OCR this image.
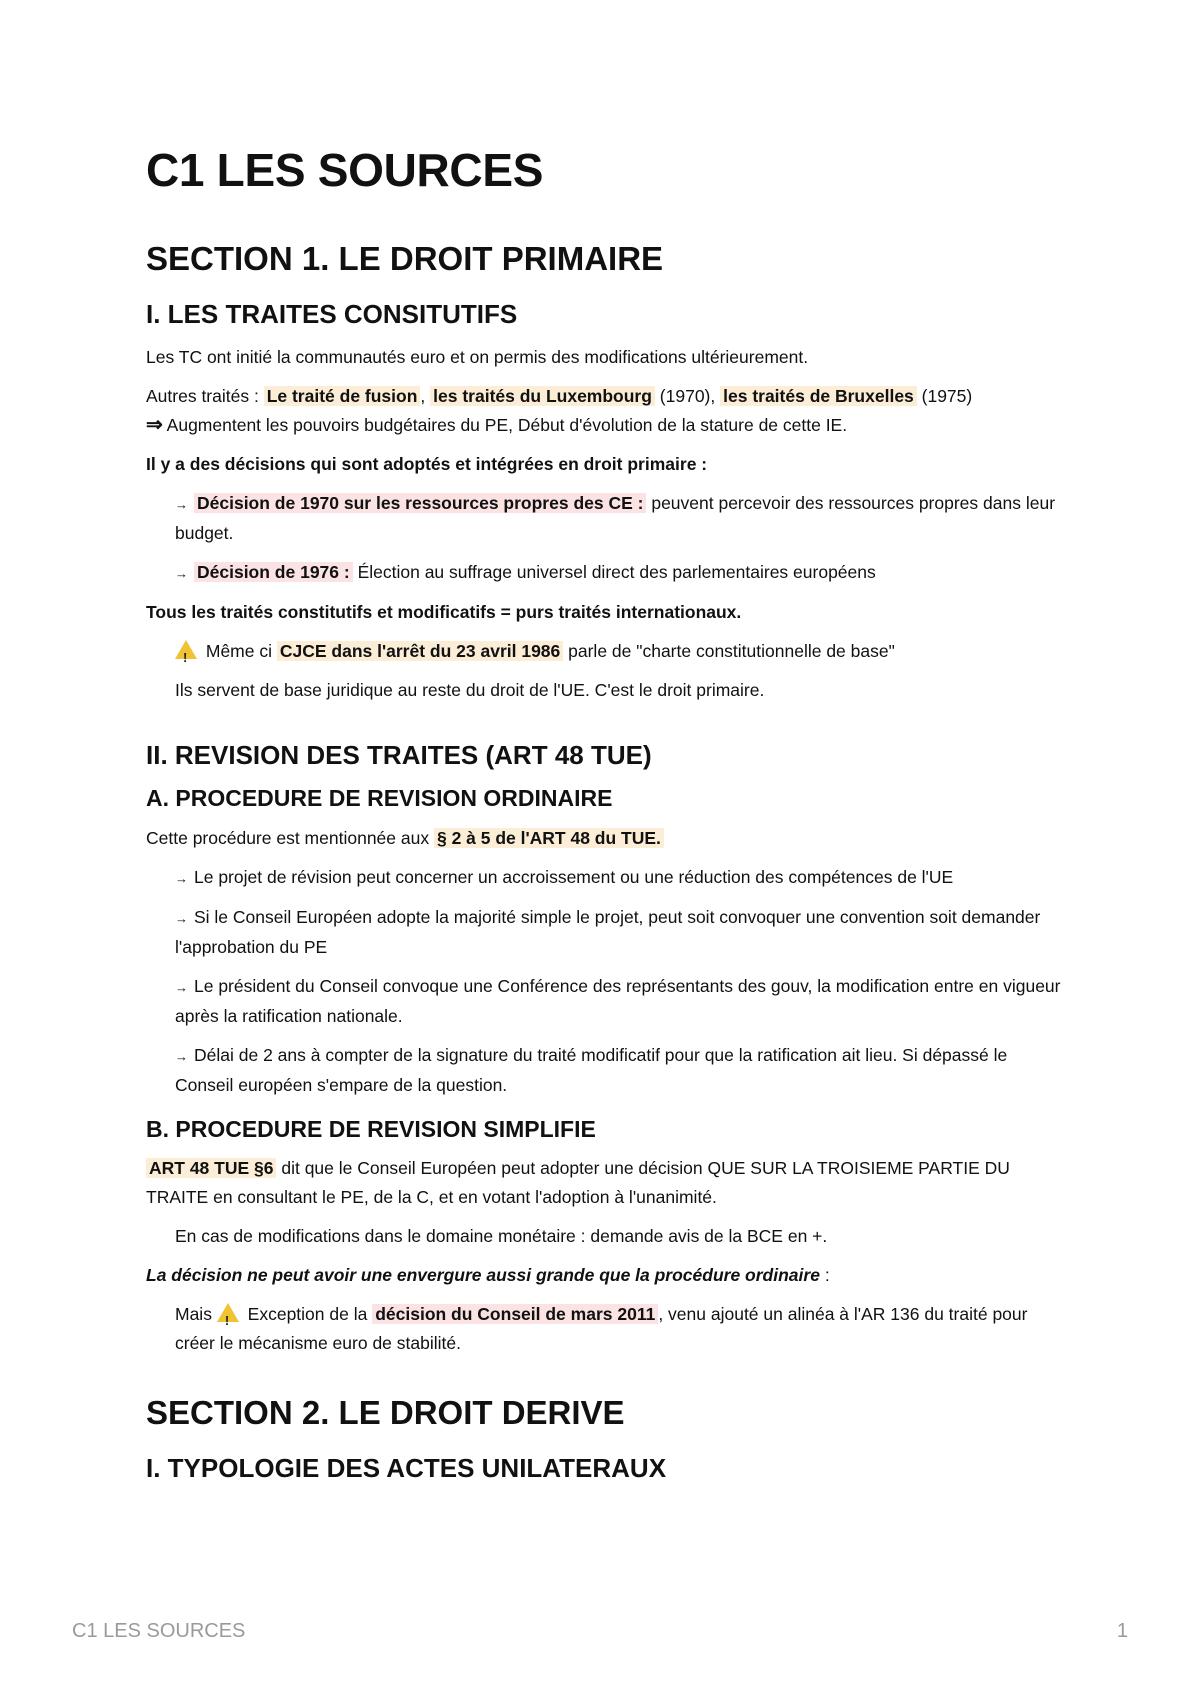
C1 LES SOURCES
SECTION 1. LE DROIT PRIMAIRE
I. LES TRAITES CONSITUTIFS

Les TC ont initié la communautés euro et on permis des modifications ultérieurement.

Autres traités : Le traité de fusion , les traités du Luxembourg (1970), les traités de Bruxelles (1975)
⇒ Augmentent les pouvoirs budgétaires du PE, Début d'évolution de la stature de cette IE.

Il y a des décisions qui sont adoptés et intégrées en droit primaire :

→ Décision de 1970 sur les ressources propres des CE : peuvent percevoir des ressources propres dans leur budget.

→ Décision de 1976 : Élection au suffrage universel direct des parlementaires européens

Tous les traités constitutifs et modificatifs = purs traités internationaux.

! Même ci CJCE dans l'arrêt du 23 avril 1986 parle de "charte constitutionnelle de base"

Ils servent de base juridique au reste du droit de l'UE. C'est le droit primaire.

II. REVISION DES TRAITES (ART 48 TUE)
A. PROCEDURE DE REVISION ORDINAIRE

Cette procédure est mentionnée aux § 2 à 5 de l'ART 48 du TUE.

→ Le projet de révision peut concerner un accroissement ou une réduction des compétences de l'UE

→ Si le Conseil Européen adopte la majorité simple le projet, peut soit convoquer une convention soit demander l'approbation du PE

→ Le président du Conseil convoque une Conférence des représentants des gouv, la modification entre en vigueur après la ratification nationale.

→ Délai de 2 ans à compter de la signature du traité modificatif pour que la ratification ait lieu. Si dépassé le Conseil européen s'empare de la question.

B. PROCEDURE DE REVISION SIMPLIFIE

ART 48 TUE §6 dit que le Conseil Européen peut adopter une décision QUE SUR LA TROISIEME PARTIE DU TRAITE en consultant le PE, de la C, et en votant l'adoption à l'unanimité.

En cas de modifications dans le domaine monétaire : demande avis de la BCE en +.

La décision ne peut avoir une envergure aussi grande que la procédure ordinaire :

Mais ! Exception de la décision du Conseil de mars 2011 , venu ajouté un alinéa à l'AR 136 du traité pour créer le mécanisme euro de stabilité.

SECTION 2. LE DROIT DERIVE
I. TYPOLOGIE DES ACTES UNILATERAUX
C1 LES SOURCES	1
